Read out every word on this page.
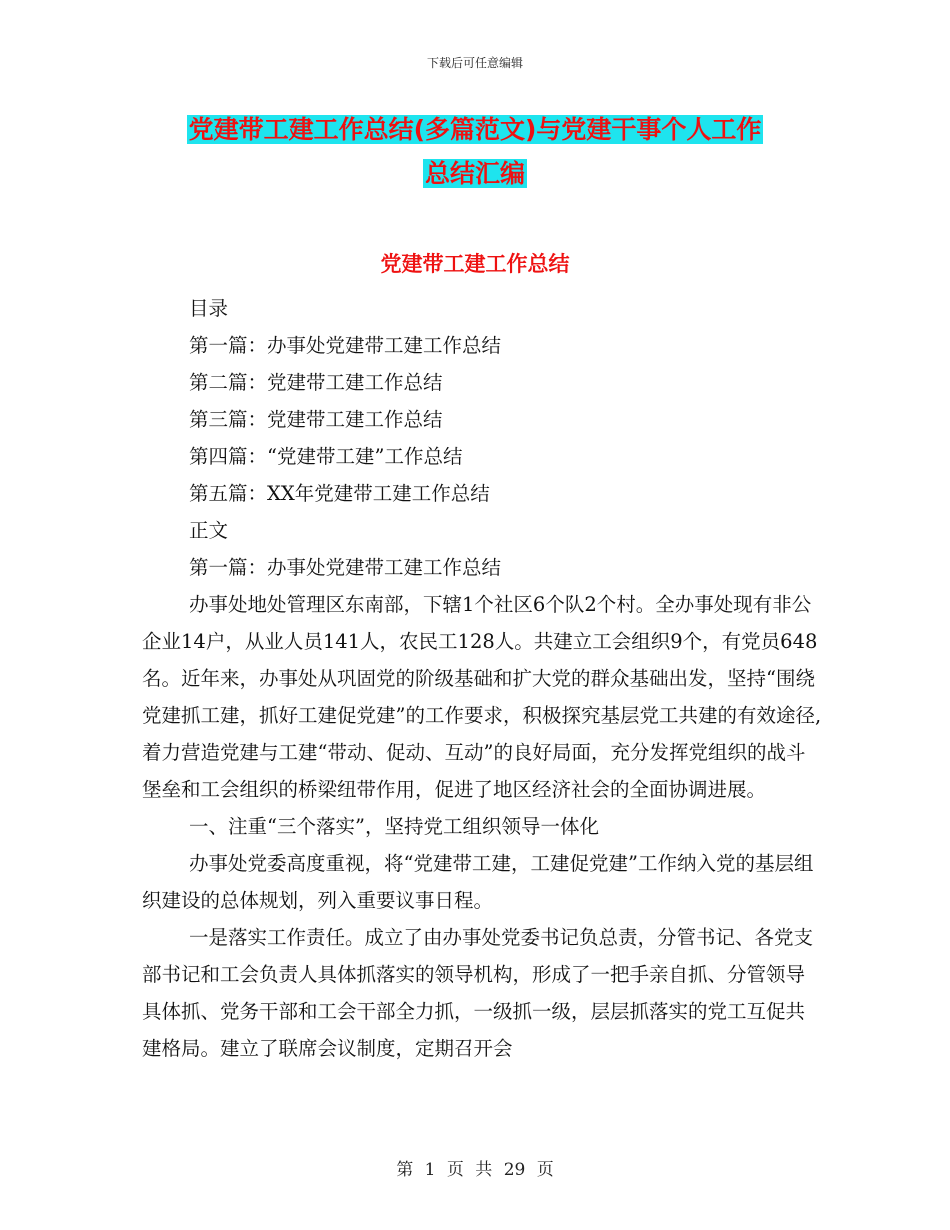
下载后可任意编辑
党建带工建工作总结(多篇范文)与党建干事个人工作
总结汇编
党建带工建工作总结
目录
第一篇：办事处党建带工建工作总结
第二篇：党建带工建工作总结
第三篇：党建带工建工作总结
第四篇：“党建带工建”工作总结
第五篇：XX年党建带工建工作总结
正文
第一篇：办事处党建带工建工作总结

办事处地处管理区东南部，下辖1个社区6个队2个村。全办事处现有非公企业14户，从业人员141人，农民工128人。共建立工会组织9个，有党员648名。近年来，办事处从巩固党的阶级基础和扩大党的群众基础出发，坚持“围绕党建抓工建，抓好工建促党建”的工作要求，积极探究基层党工共建的有效途径,着力营造党建与工建“带动、促动、互动”的良好局面，充分发挥党组织的战斗堡垒和工会组织的桥梁纽带作用，促进了地区经济社会的全面协调进展。

一、注重“三个落实”，坚持党工组织领导一体化

办事处党委高度重视，将“党建带工建，工建促党建”工作纳入党的基层组织建设的总体规划，列入重要议事日程。

一是落实工作责任。成立了由办事处党委书记负总责，分管书记、各党支部书记和工会负责人具体抓落实的领导机构，形成了一把手亲自抓、分管领导具体抓、党务干部和工会干部全力抓，一级抓一级，层层抓落实的党工互促共建格局。建立了联席会议制度，定期召开会

第 1 页 共 29 页
